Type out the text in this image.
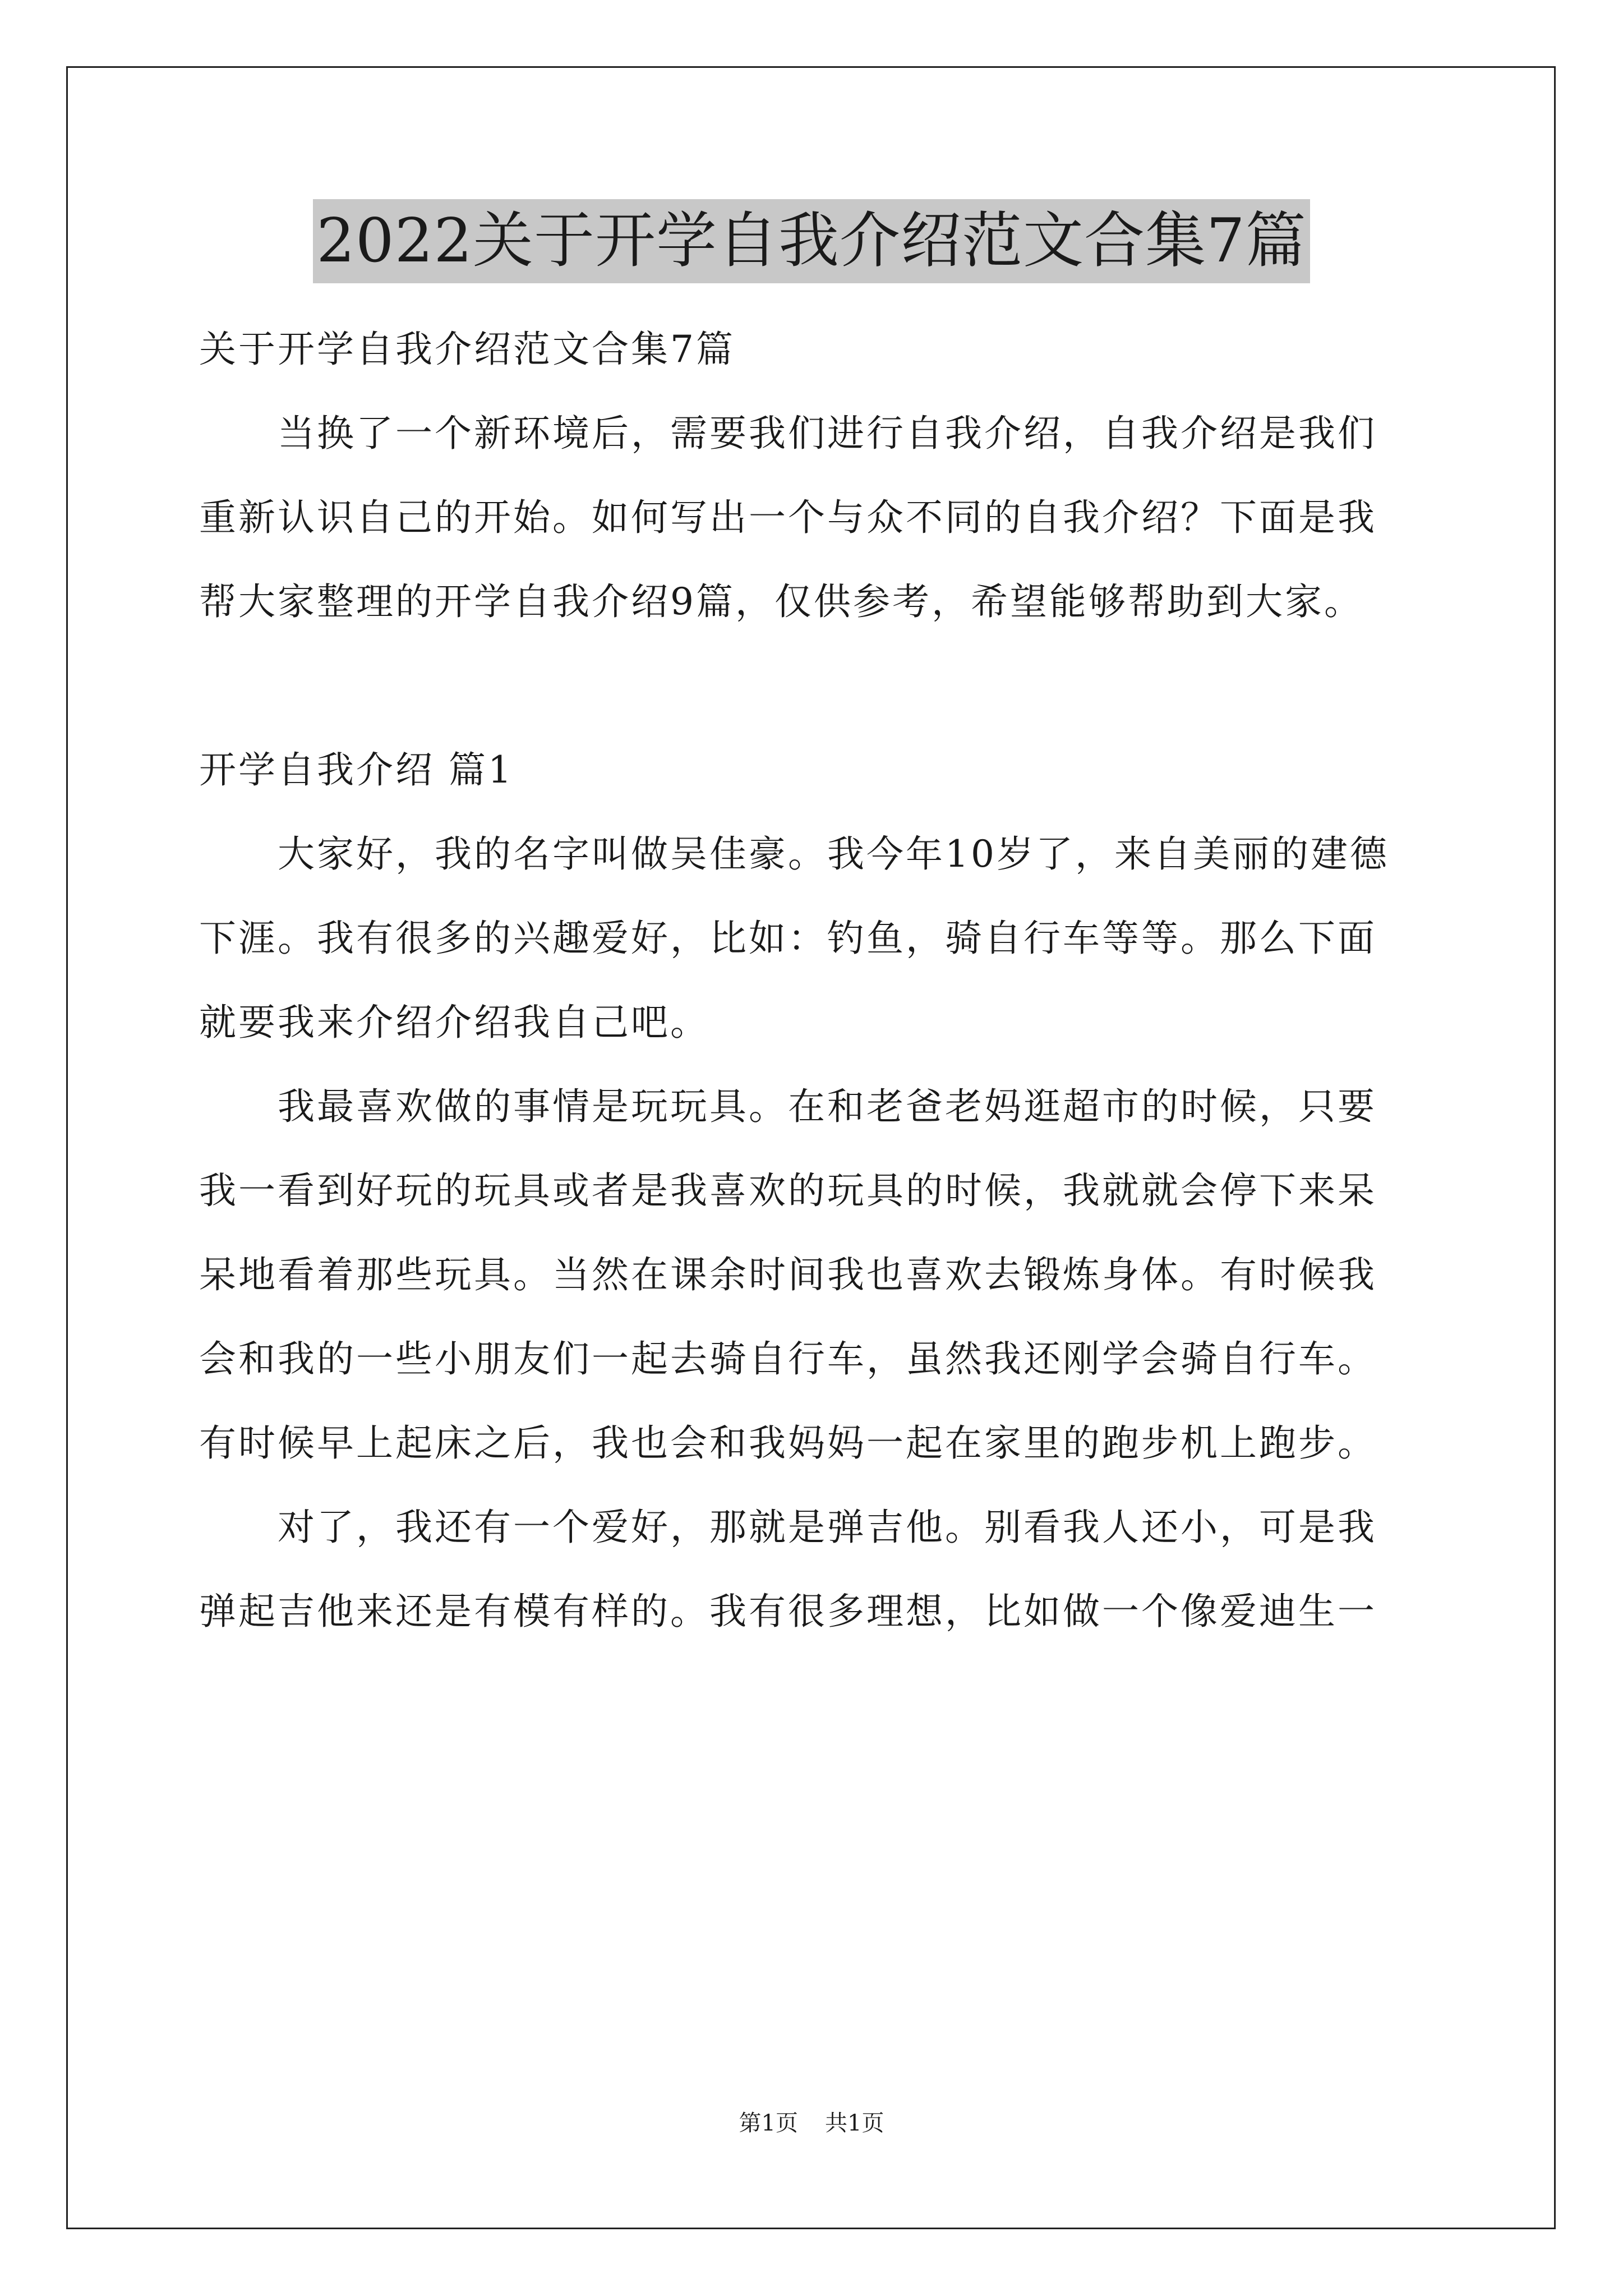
2022关于开学自我介绍范文合集7篇
关于开学自我介绍范文合集7篇
　　当换了一个新环境后，需要我们进行自我介绍，自我介绍是我们
重新认识自己的开始。如何写出一个与众不同的自我介绍？下面是我
帮大家整理的开学自我介绍9篇，仅供参考，希望能够帮助到大家。
开学自我介绍 篇1
　　大家好，我的名字叫做吴佳豪。我今年10岁了，来自美丽的建德
下涯。我有很多的兴趣爱好，比如：钓鱼，骑自行车等等。那么下面
就要我来介绍介绍我自己吧。
　　我最喜欢做的事情是玩玩具。在和老爸老妈逛超市的时候，只要
我一看到好玩的玩具或者是我喜欢的玩具的时候，我就就会停下来呆
呆地看着那些玩具。当然在课余时间我也喜欢去锻炼身体。有时候我
会和我的一些小朋友们一起去骑自行车，虽然我还刚学会骑自行车。
有时候早上起床之后，我也会和我妈妈一起在家里的跑步机上跑步。
　　对了，我还有一个爱好，那就是弹吉他。别看我人还小，可是我
弹起吉他来还是有模有样的。我有很多理想，比如做一个像爱迪生一
第1页 共1页
